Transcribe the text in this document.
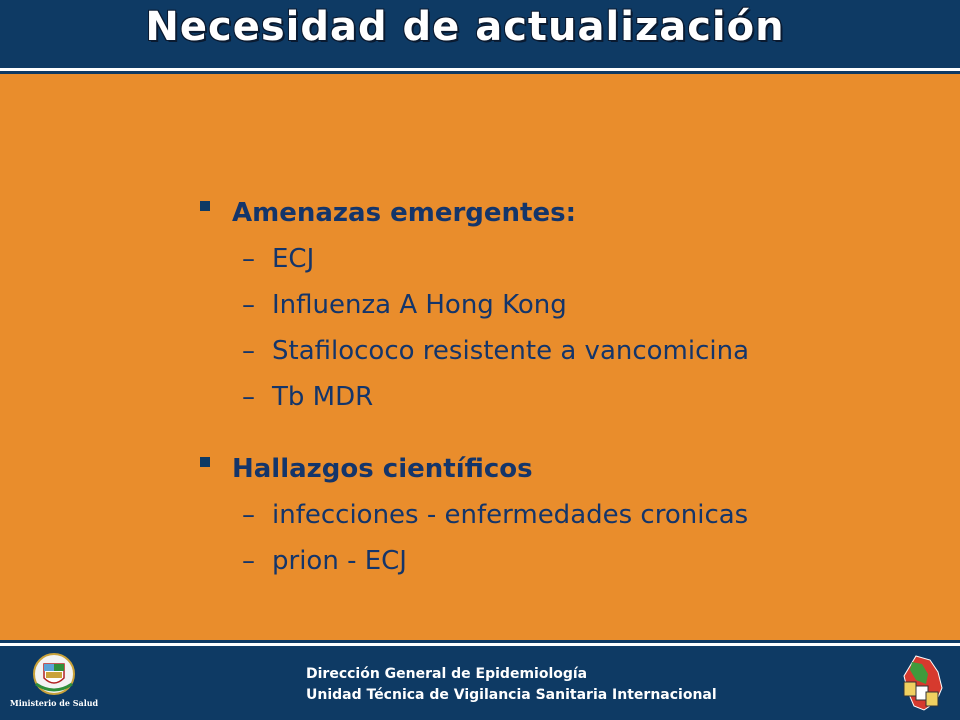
Necesidad de actualización
Amenazas emergentes:
– ECJ
– Influenza A Hong Kong
– Stafilococo resistente a vancomicina
– Tb MDR
Hallazgos científicos
– infecciones - enfermedades cronicas
– prion - ECJ
Ministerio de Salud
Dirección General de Epidemiología
Unidad Técnica de Vigilancia Sanitaria Internacional
